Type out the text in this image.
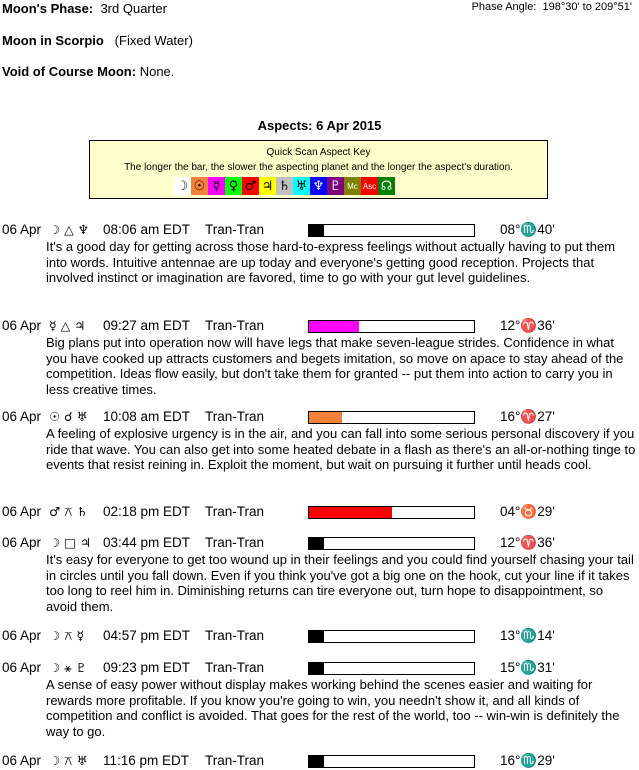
Moon's Phase: 3rd Quarter	Phase Angle: 198°30' to 209°51'
Moon in Scorpio (Fixed Water)
Void of Course Moon: None.
Aspects: 6 Apr 2015
Quick Scan Aspect Key
The longer the bar, the slower the aspecting planet and the longer the aspect's duration.
☽ ☉ ☿ ♀ ♂ ♃ ♄ ♅ ♆ ♇ Mc Asc ☊
06 Apr ☽ △ ♆ 08:06 am EDT Tran-Tran	08°♏40'
It's a good day for getting across those hard-to-express feelings without actually having to put them into words. Intuitive antennae are up today and everyone's getting good reception. Projects that involved instinct or imagination are favored, time to go with your gut level guidelines.
06 Apr ☿ △ ♃ 09:27 am EDT Tran-Tran	12°♈36'
Big plans put into operation now will have legs that make seven-league strides. Confidence in what you have cooked up attracts customers and begets imitation, so move on apace to stay ahead of the competition. Ideas flow easily, but don't take them for granted -- put them into action to carry you in less creative times.
06 Apr ☉ ☌ ♅ 10:08 am EDT Tran-Tran	16°♈27'
A feeling of explosive urgency is in the air, and you can fall into some serious personal discovery if you ride that wave. You can also get into some heated debate in a flash as there's an all-or-nothing tinge to events that resist reining in. Exploit the moment, but wait on pursuing it further until heads cool.
06 Apr ♂ ⚻ ♄ 02:18 pm EDT Tran-Tran	04°♉29'
06 Apr ☽ □ ♃ 03:44 pm EDT Tran-Tran	12°♈36'
It's easy for everyone to get too wound up in their feelings and you could find yourself chasing your tail in circles until you fall down. Even if you think you've got a big one on the hook, cut your line if it takes too long to reel him in. Diminishing returns can tire everyone out, turn hope to disappointment, so avoid them.
06 Apr ☽ ⚻ ☿ 04:57 pm EDT Tran-Tran	13°♏14'
06 Apr ☽ ⚹ ♇ 09:23 pm EDT Tran-Tran	15°♏31'
A sense of easy power without display makes working behind the scenes easier and waiting for rewards more profitable. If you know you're going to win, you needn't show it, and all kinds of competition and conflict is avoided. That goes for the rest of the world, too -- win-win is definitely the way to go.
06 Apr ☽ ⚻ ♅ 11:16 pm EDT Tran-Tran	16°♏29'
